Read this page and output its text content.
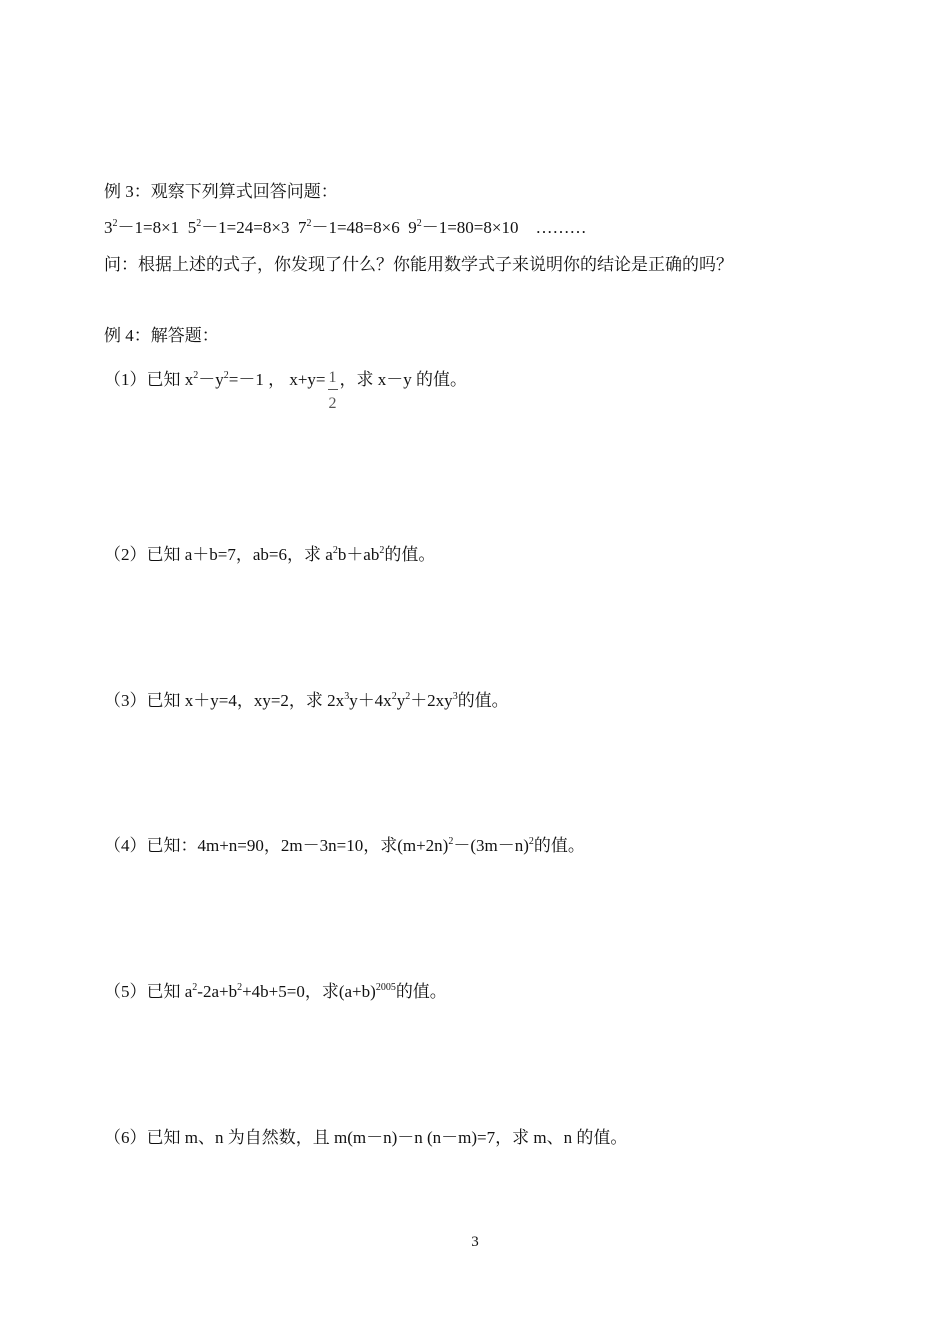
例 3：观察下列算式回答问题：
$3^2-1=8\times 1$ $5^2-1=24=8\times 3$ $7^2-1=48=8\times 6$ $9^2-1=80=8\times 10$ ………
问：根据上述的式子，你发现了什么？你能用数学式子来说明你的结论是正确的吗？
例 4：解答题：
（1）已知 $x^2-y^2=-1$ ， $x+y= \frac{1}{2}$ ，求 x－y 的值。
（2）已知 a＋b=7，ab=6，求 $a^2b+ab^2$的值。
（3）已知 x＋y=4，xy=2，求 $2x^3y+4x^2y^2+2xy^3$的值。
（4）已知：4m+n=90，2m－3n=10，求$(m+2n)^2-(3m-n)^2$的值。
（5）已知 $a^2-2a+b^2+4b+5=0$，求$(a+b)^{2005}$的值。
（6）已知 m、n 为自然数，且 m(m－n)－n (n－m)=7，求 m、n 的值。
3
